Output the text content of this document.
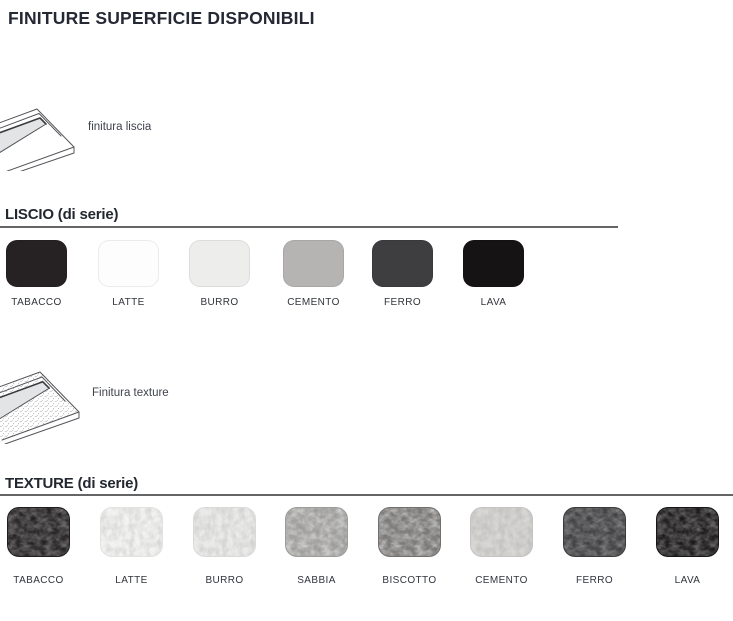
FINITURE SUPERFICIE DISPONIBILI
finitura liscia
LISCIO (di serie)
TABACCO	LATTE	BURRO	CEMENTO	FERRO	LAVA
Finitura texture
TEXTURE (di serie)
TABACCO	LATTE	BURRO	SABBIA	BISCOTTO	CEMENTO	FERRO	LAVA
